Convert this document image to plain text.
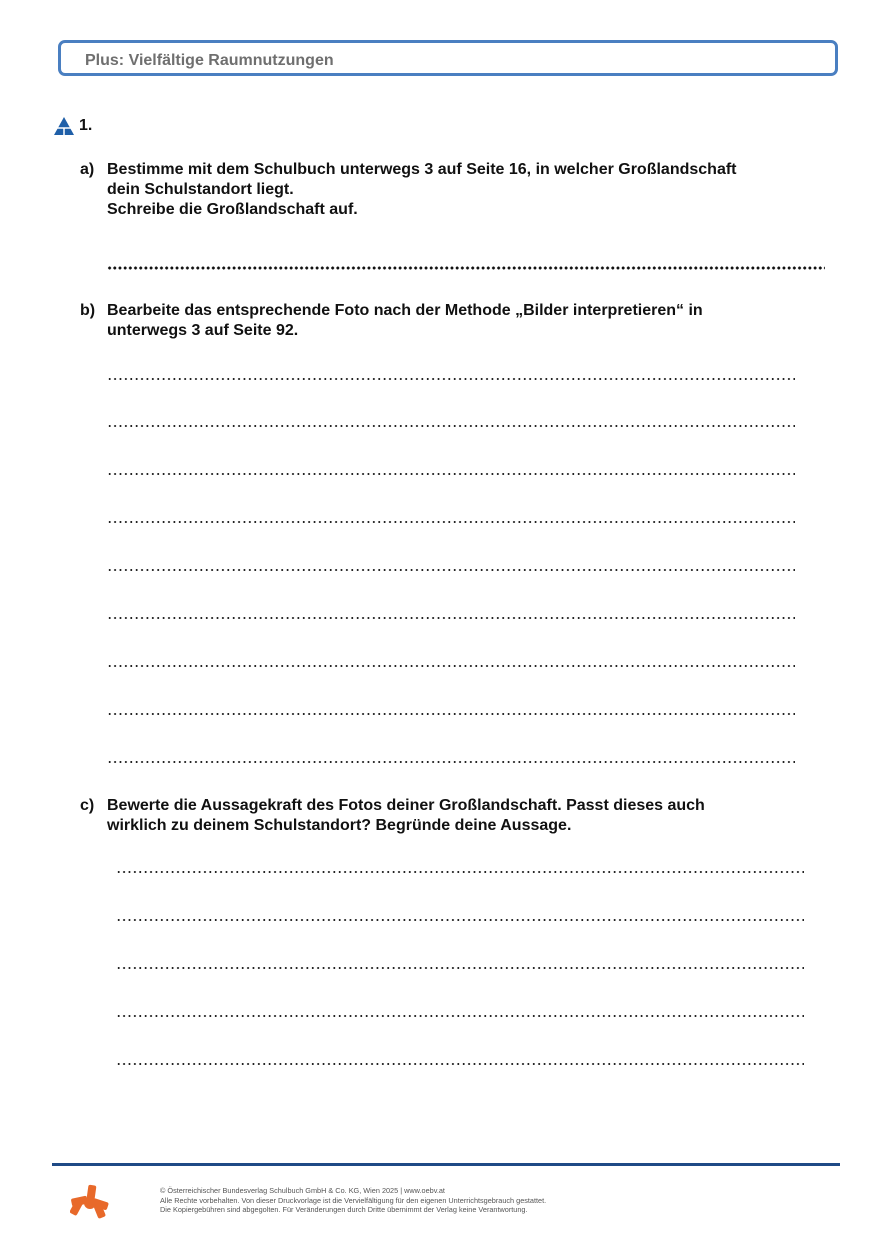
Plus: Vielfältige Raumnutzungen
1.
a) Bestimme mit dem Schulbuch unterwegs 3 auf Seite 16, in welcher Großlandschaft
dein Schulstandort liegt.
Schreibe die Großlandschaft auf.
b) Bearbeite das entsprechende Foto nach der Methode „Bilder interpretieren“ in
unterwegs 3 auf Seite 92.
c) Bewerte die Aussagekraft des Fotos deiner Großlandschaft. Passt dieses auch
wirklich zu deinem Schulstandort? Begründe deine Aussage.
© Österreichischer Bundesverlag Schulbuch GmbH & Co. KG, Wien 2025 | www.oebv.at
Alle Rechte vorbehalten. Von dieser Druckvorlage ist die Vervielfältigung für den eigenen Unterrichtsgebrauch gestattet.
Die Kopiergebühren sind abgegolten. Für Veränderungen durch Dritte übernimmt der Verlag keine Verantwortung.
